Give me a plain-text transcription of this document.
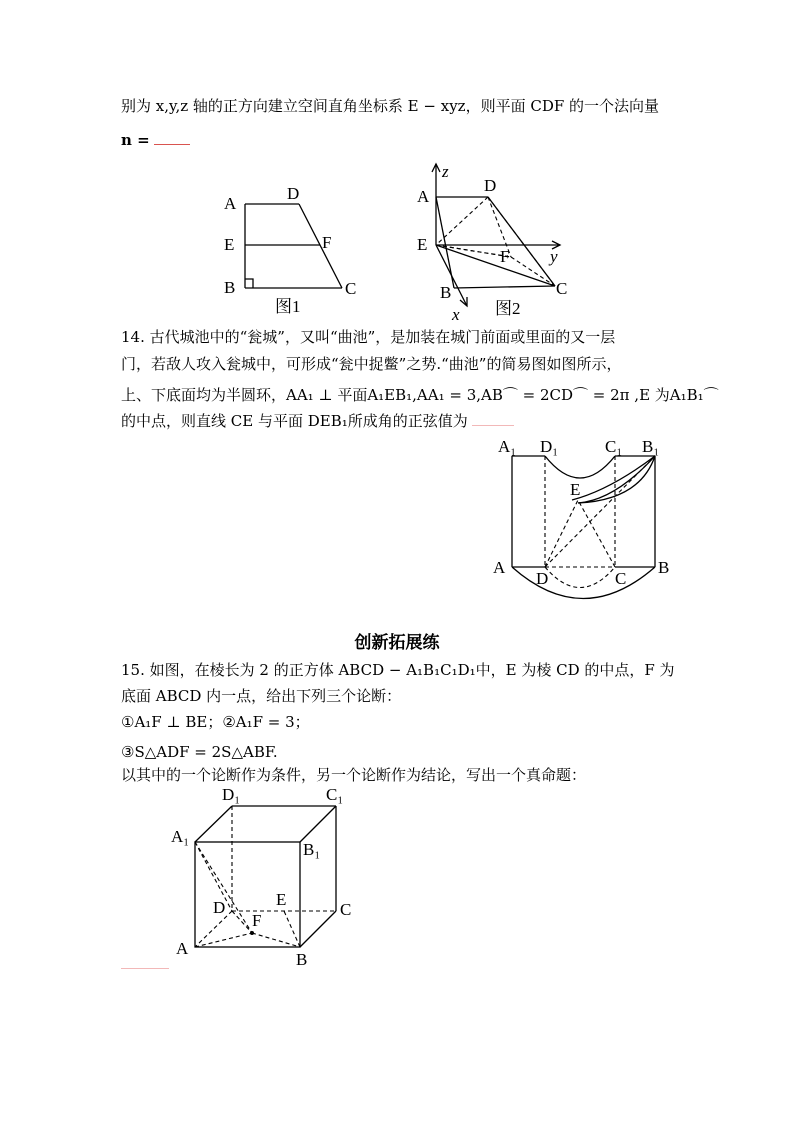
别为 x,y,z 轴的正方向建立空间直角坐标系 E − xyz，则平面 CDF 的一个法向量
n =
A
D
E	F
B	C
图1
z
A
D
E
F y
B	C
x 图2
14. 古代城池中的“瓮城”，又叫“曲池”，是加装在城门前面或里面的又一层
门，若敌人攻入瓮城中，可形成“瓮中捉鳖”之势.“曲池”的简易图如图所示，
上、下底面均为半圆环，AA₁ ⊥ 平面A₁EB₁,AA₁ = 3,AB⌒ = 2CD⌒ = 2π ,E 为A₁B₁⌒
的中点，则直线 CE 与平面 DEB₁所成角的正弦值为
A₁ D₁	C₁ B₁
E
A
D	C
B
创新拓展练
15. 如图，在棱长为 2 的正方体 ABCD − A₁B₁C₁D₁中，E 为棱 CD 的中点，F 为
底面 ABCD 内一点，给出下列三个论断：
①A₁F ⊥ BE；②A₁F = 3；
③S△ADF = 2S△ABF.
以其中的一个论断作为条件，另一个论断作为结论，写出一个真命题：
D₁	C₁
A₁
B₁
D	E
C
F
A
B
